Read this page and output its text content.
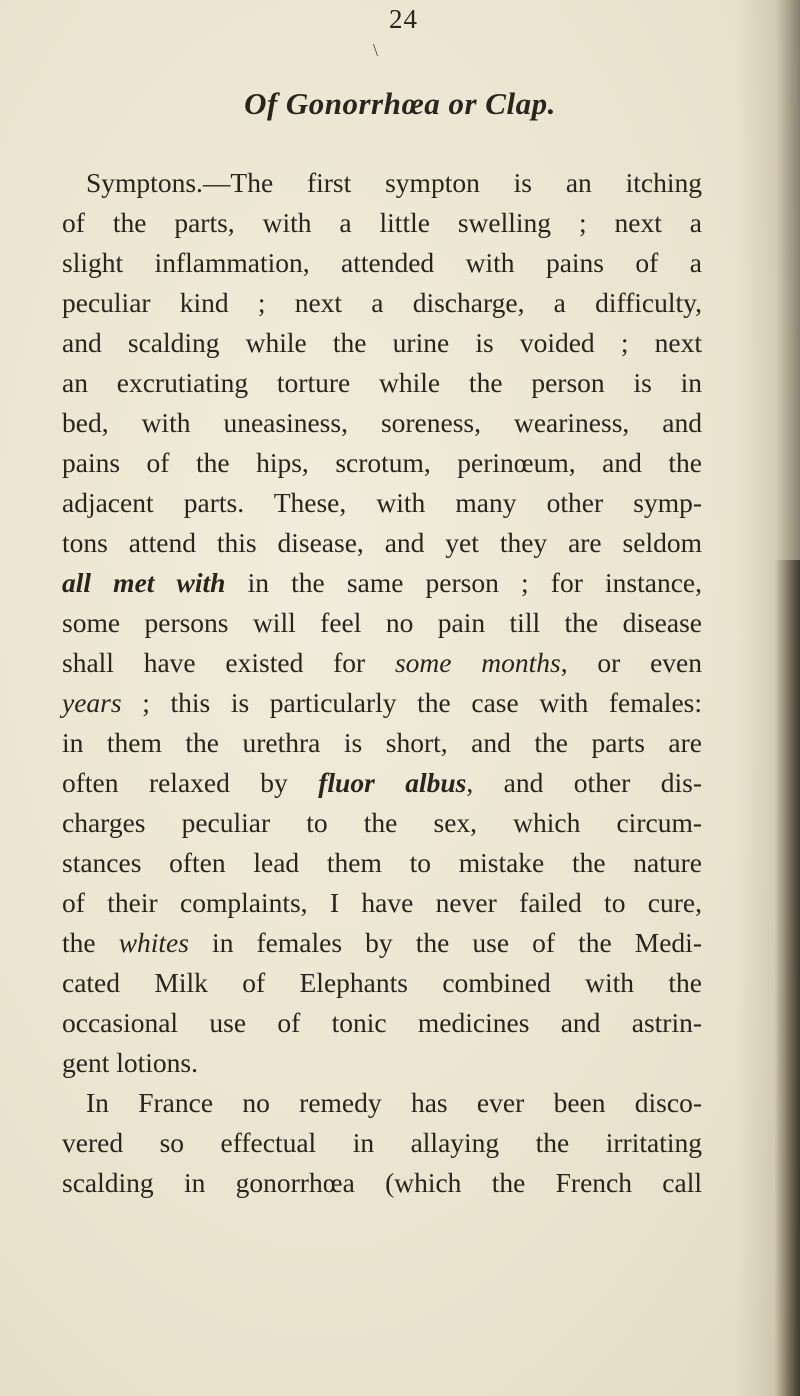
24
\
Of Gonorrhœa or Clap.
Symptons.—The first sympton is an itching
of the parts, with a little swelling ; next a
slight inflammation, attended with pains of a
peculiar kind ; next a discharge, a difficulty,
and scalding while the urine is voided ; next
an excrutiating torture while the person is in
bed, with uneasiness, soreness, weariness, and
pains of the hips, scrotum, perinœum, and the
adjacent parts. These, with many other symp-
tons attend this disease, and yet they are seldom
all met with in the same person ; for instance,
some persons will feel no pain till the disease
shall have existed for some months, or even
years ; this is particularly the case with females:
in them the urethra is short, and the parts are
often relaxed by fluor albus, and other dis-
charges peculiar to the sex, which circum-
stances often lead them to mistake the nature
of their complaints, I have never failed to cure,
the whites in females by the use of the Medi-
cated Milk of Elephants combined with the
occasional use of tonic medicines and astrin-
gent lotions.
In France no remedy has ever been disco-
vered so effectual in allaying the irritating
scalding in gonorrhœa (which the French call
